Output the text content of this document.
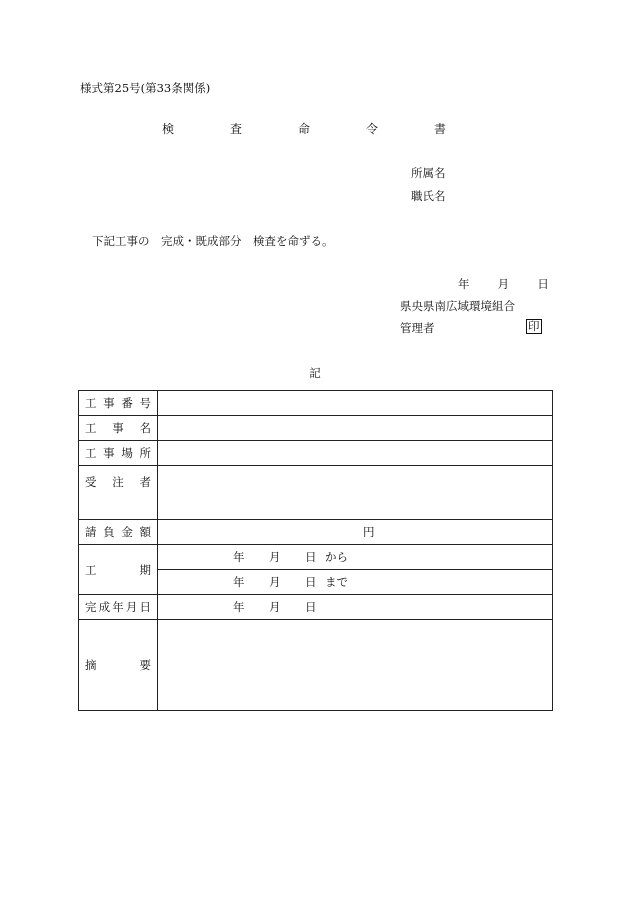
様式第25号(第33条関係)
検　査　命　令　書
所属名
職氏名
下記工事の　完成・既成部分　検査を命ずる。
年 月 日
県央県南広域環境組合
管理者	印
記
工 事 番 号	

工 事 名	

工 事 場 所	

受 注 者	

請 負 金 額	円

工 期	年 月 日 から
	年 月 日 まで

完 成 年 月 日	年 月 日

摘 要	
